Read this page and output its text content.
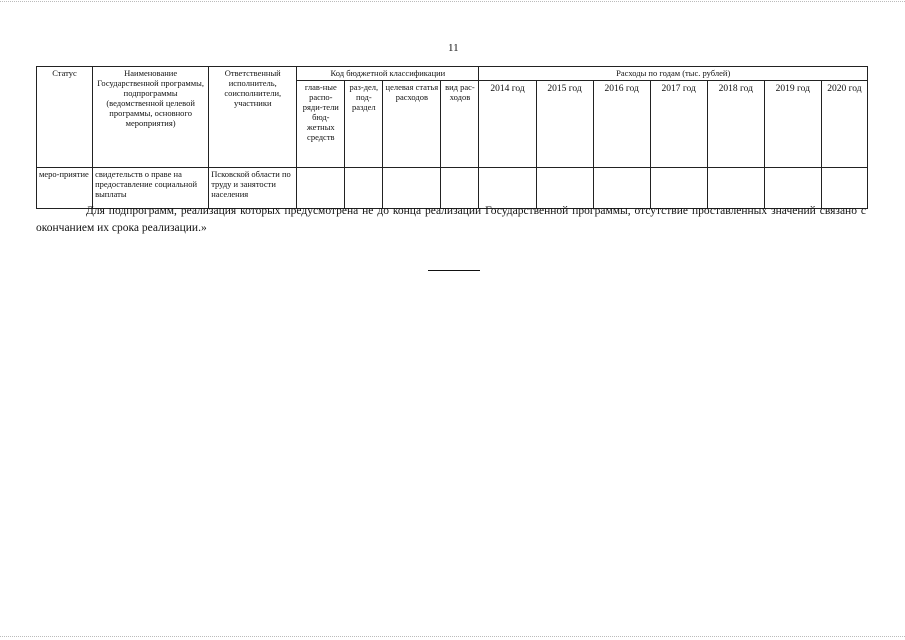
11
Статус	Наименование Государственной программы, подпрограммы (ведомственной целевой программы, основного мероприятия)	Ответственный исполнитель, соисполнители, участники	Код бюджетной классификации				Расходы по годам (тыс. рублей)						
			глав-ные распо-ряди-тели бюд-жетных средств	раз-дел, под-раздел	целевая статья расходов	вид рас-ходов	2014 год	2015 год	2016 год	2017 год	2018 год	2019 год	2020 год
меро-приятие	свидетельств о праве на предоставление социальной выплаты	Псковской области по труду и занятости населения											

Для подпрограмм, реализация которых предусмотрена не до конца реализации Государственной программы, отсутствие проставленных значений связано с окончанием их срока реализации.»
